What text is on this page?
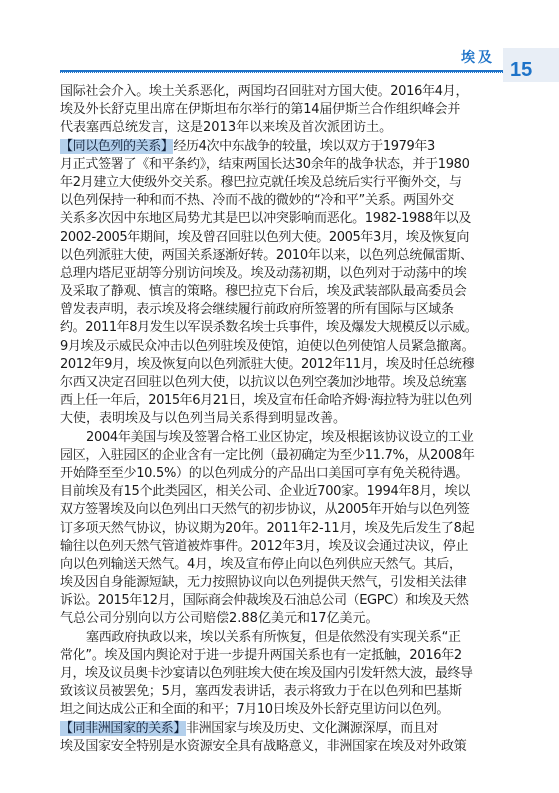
埃及
15
国际社会介入。埃土关系恶化，两国均召回驻对方国大使。2016年4月，
埃及外长舒克里出席在伊斯坦布尔举行的第14届伊斯兰合作组织峰会并
代表塞西总统发言，这是2013年以来埃及首次派团访土。
【同以色列的关系】经历4次中东战争的较量，埃以双方于1979年3
月正式签署了《和平条约》，结束两国长达30余年的战争状态，并于1980
年2月建立大使级外交关系。穆巴拉克就任埃及总统后实行平衡外交，与
以色列保持一种和而不热、冷而不战的微妙的“冷和平”关系。两国外交
关系多次因中东地区局势尤其是巴以冲突影响而恶化。1982-1988年以及
2002-2005年期间，埃及曾召回驻以色列大使。2005年3月，埃及恢复向
以色列派驻大使，两国关系逐渐好转。2010年以来，以色列总统佩雷斯、
总理内塔尼亚胡等分别访问埃及。埃及动荡初期，以色列对于动荡中的埃
及采取了静观、慎言的策略。穆巴拉克下台后，埃及武装部队最高委员会
曾发表声明，表示埃及将会继续履行前政府所签署的所有国际与区域条
约。2011年8月发生以军误杀数名埃士兵事件，埃及爆发大规模反以示威。
9月埃及示威民众冲击以色列驻埃及使馆，迫使以色列使馆人员紧急撤离。
2012年9月，埃及恢复向以色列派驻大使。2012年11月，埃及时任总统穆
尔西又决定召回驻以色列大使，以抗议以色列空袭加沙地带。埃及总统塞
西上任一年后，2015年6月21日，埃及宣布任命哈齐姆·海拉特为驻以色列
大使，表明埃及与以色列当局关系得到明显改善。
2004年美国与埃及签署合格工业区协定，埃及根据该协议设立的工业
园区，入驻园区的企业含有一定比例（最初确定为至少11.7%，从2008年
开始降至至少10.5%）的以色列成分的产品出口美国可享有免关税待遇。
目前埃及有15个此类园区，相关公司、企业近700家。1994年8月，埃以
双方签署埃及向以色列出口天然气的初步协议，从2005年开始与以色列签
订多项天然气协议，协议期为20年。2011年2-11月，埃及先后发生了8起
输往以色列天然气管道被炸事件。2012年3月，埃及议会通过决议，停止
向以色列输送天然气。4月，埃及宣布停止向以色列供应天然气。其后，
埃及因自身能源短缺，无力按照协议向以色列提供天然气，引发相关法律
诉讼。2015年12月，国际商会仲裁埃及石油总公司（EGPC）和埃及天然
气总公司分别向以方公司赔偿2.88亿美元和17亿美元。
塞西政府执政以来，埃以关系有所恢复，但是依然没有实现关系“正
常化”。埃及国内舆论对于进一步提升两国关系也有一定抵触，2016年2
月，埃及议员奥卡沙宴请以色列驻埃大使在埃及国内引发轩然大波，最终导
致该议员被罢免；5月，塞西发表讲话，表示将致力于在以色列和巴基斯
坦之间达成公正和全面的和平；7月10日埃及外长舒克里访问以色列。
【同非洲国家的关系】非洲国家与埃及历史、文化渊源深厚，而且对
埃及国家安全特别是水资源安全具有战略意义，非洲国家在埃及对外政策
